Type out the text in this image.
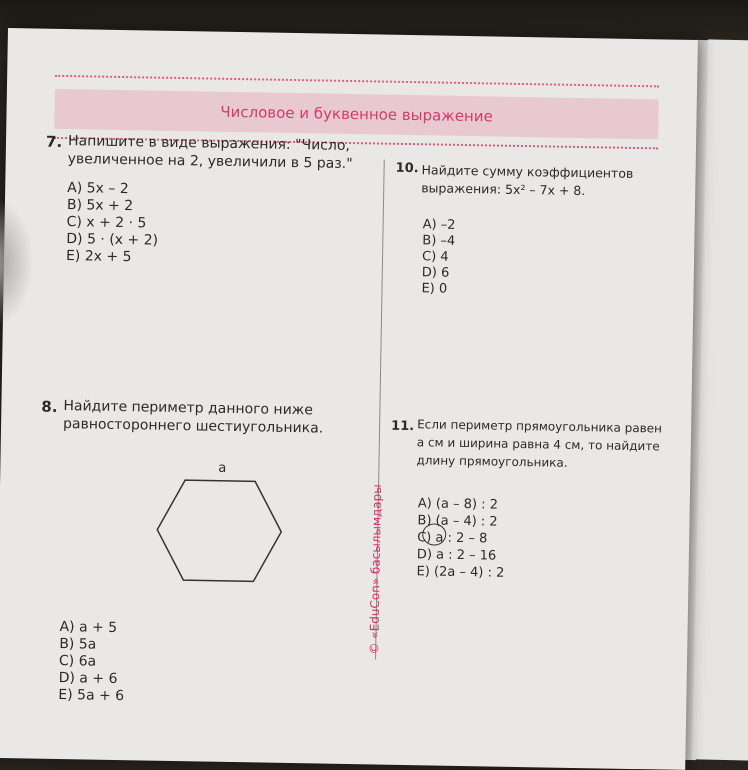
Числовое и буквенное выражение
© «EduCon» басылымдары
7. Напишите в виде выражения: "Число, увеличенное на 2, увеличили в 5 раз."
A) 5x – 2
B) 5x + 2
C) x + 2 · 5
D) 5 · (x + 2)
E) 2x + 5
10. Найдите сумму коэффициентов выражения: 5x² – 7x + 8.
A) –2
B) –4
C) 4
D) 6
E) 0
8. Найдите периметр данного ниже равностороннего шестиугольника.
A) a + 5
B) 5a
C) 6a
D) a + 6
E) 5a + 6
a
11. Если периметр прямоугольника равен a см и ширина равна 4 см, то найдите длину прямоугольника.
A) (a – 8) : 2
B) (a – 4) : 2
C) a : 2 – 8
D) a : 2 – 16
E) (2a – 4) : 2
